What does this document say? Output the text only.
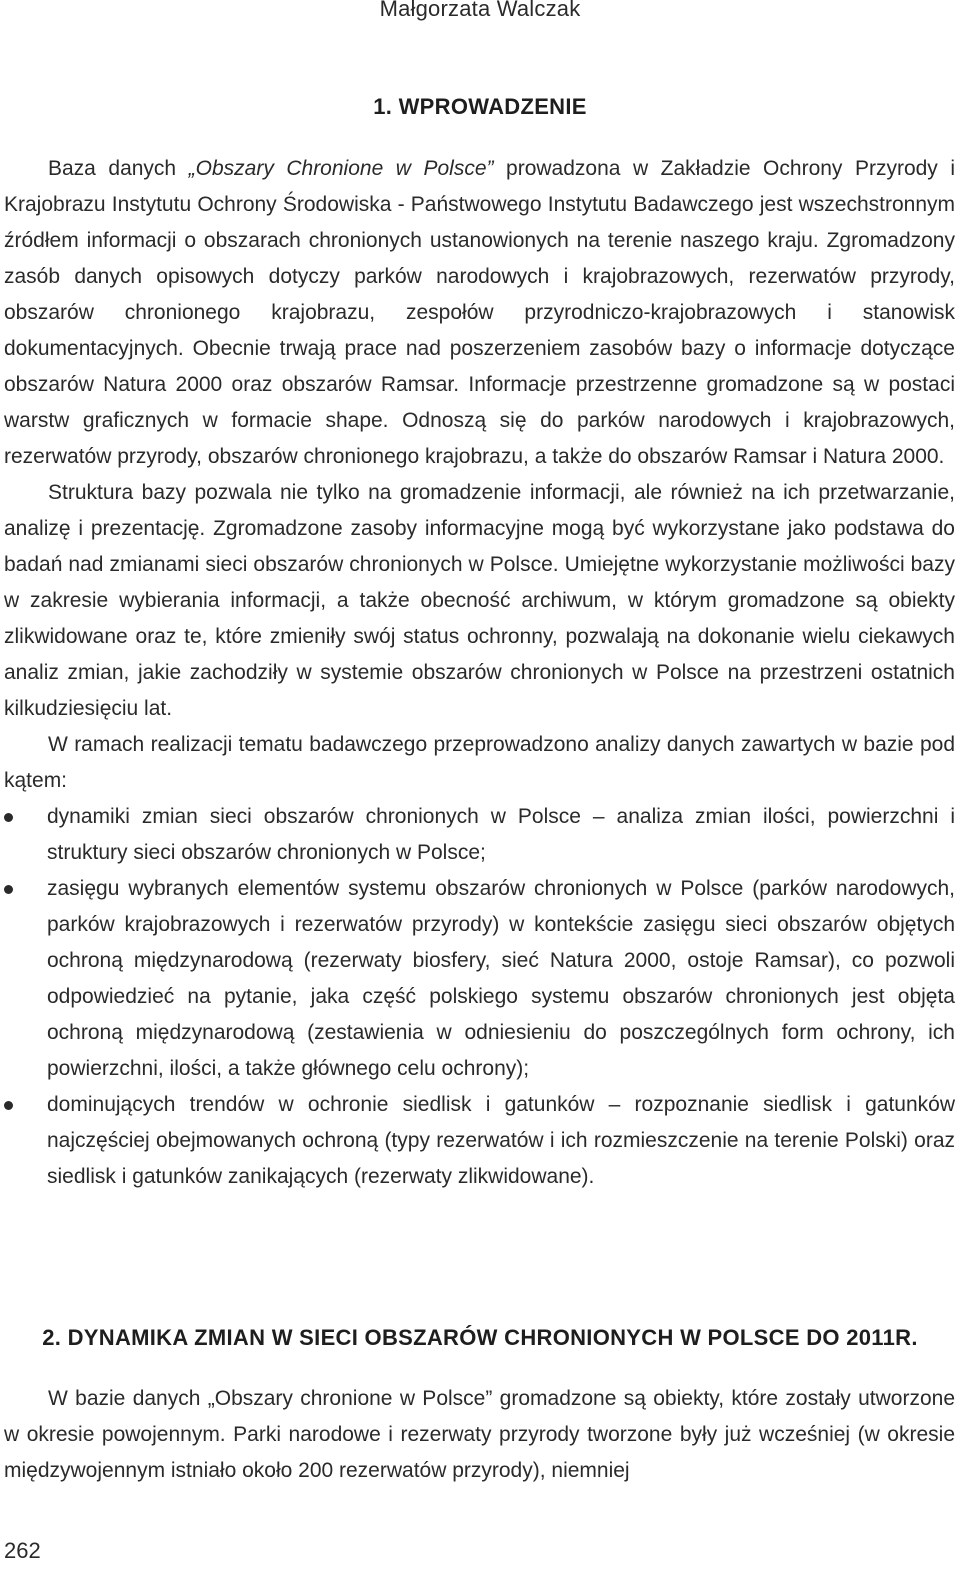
Małgorzata Walczak
1. WPROWADZENIE

Baza danych „Obszary Chronione w Polsce” prowadzona w Zakładzie Ochrony Przyrody i Krajobrazu Instytutu Ochrony Środowiska - Państwowego Instytutu Badawczego jest wszechstronnym źródłem informacji o obszarach chronionych ustanowionych na terenie naszego kraju. Zgromadzony zasób danych opisowych dotyczy parków narodowych i krajobrazowych, rezerwatów przyrody, obszarów chronionego krajobrazu, zespołów przyrodniczo-krajobrazowych i stanowisk dokumentacyjnych. Obecnie trwają prace nad poszerzeniem zasobów bazy o informacje dotyczące obszarów Natura 2000 oraz obszarów Ramsar. Informacje przestrzenne gromadzone są w postaci warstw graficznych w formacie shape. Odnoszą się do parków narodowych i krajobrazowych, rezerwatów przyrody, obszarów chronionego krajobrazu, a także do obszarów Ramsar i Natura 2000.

Struktura bazy pozwala nie tylko na gromadzenie informacji, ale również na ich przetwarzanie, analizę i prezentację. Zgromadzone zasoby informacyjne mogą być wykorzystane jako podstawa do badań nad zmianami sieci obszarów chronionych w Polsce. Umiejętne wykorzystanie możliwości bazy w zakresie wybierania informacji, a także obecność archiwum, w którym gromadzone są obiekty zlikwidowane oraz te, które zmieniły swój status ochronny, pozwalają na dokonanie wielu ciekawych analiz zmian, jakie zachodziły w systemie obszarów chronionych w Polsce na przestrzeni ostatnich kilkudziesięciu lat.

W ramach realizacji tematu badawczego przeprowadzono analizy danych zawartych w bazie pod kątem:

dynamiki zmian sieci obszarów chronionych w Polsce – analiza zmian ilości, powierzchni i struktury sieci obszarów chronionych w Polsce;
zasięgu wybranych elementów systemu obszarów chronionych w Polsce (parków narodowych, parków krajobrazowych i rezerwatów przyrody) w kontekście zasięgu sieci obszarów objętych ochroną międzynarodową (rezerwaty biosfery, sieć Natura 2000, ostoje Ramsar), co pozwoli odpowiedzieć na pytanie, jaka część polskiego systemu obszarów chronionych jest objęta ochroną międzynarodową (zestawienia w odniesieniu do poszczególnych form ochrony, ich powierzchni, ilości, a także głównego celu ochrony);
dominujących trendów w ochronie siedlisk i gatunków – rozpoznanie siedlisk i gatunków najczęściej obejmowanych ochroną (typy rezerwatów i ich rozmieszczenie na terenie Polski) oraz siedlisk i gatunków zanikających (rezerwaty zlikwidowane).
2. DYNAMIKA ZMIAN W SIECI OBSZARÓW CHRONIONYCH W POLSCE DO 2011R.

W bazie danych „Obszary chronione w Polsce” gromadzone są obiekty, które zostały utworzone w okresie powojennym. Parki narodowe i rezerwaty przyrody tworzone były już wcześniej (w okresie międzywojennym istniało około 200 rezerwatów przyrody), niemniej

262
